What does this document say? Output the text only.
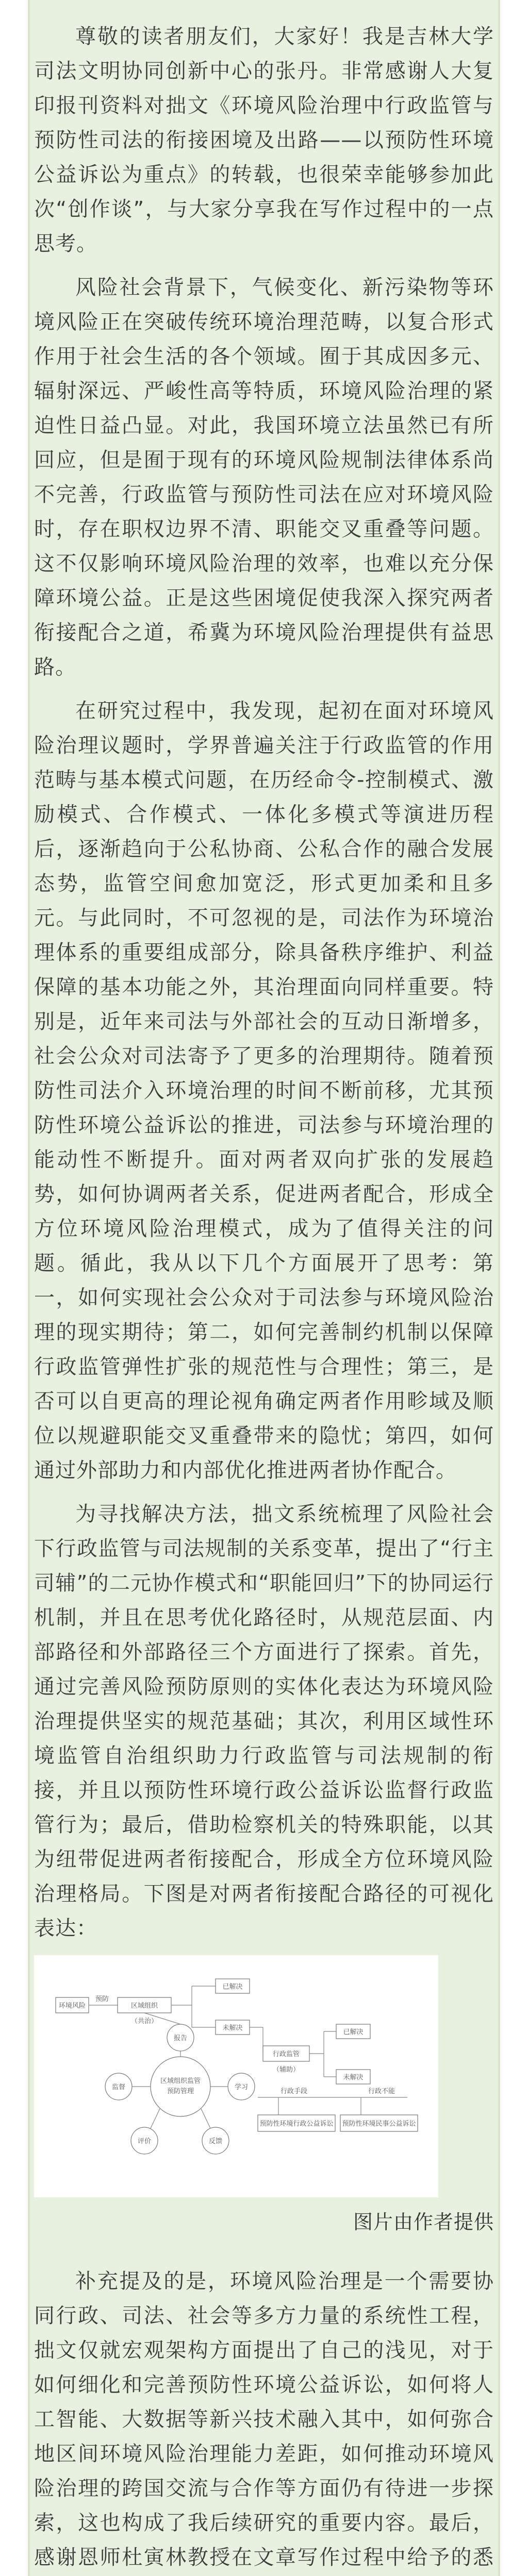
尊敬的读者朋友们，大家好！我是吉林大学司法文明协同创新中心的张丹。非常感谢人大复印报刊资料对拙文《环境风险治理中行政监管与预防性司法的衔接困境及出路——以预防性环境公益诉讼为重点》的转载，也很荣幸能够参加此次“创作谈”，与大家分享我在写作过程中的一点思考。

风险社会背景下，气候变化、新污染物等环境风险正在突破传统环境治理范畴，以复合形式作用于社会生活的各个领域。囿于其成因多元、辐射深远、严峻性高等特质，环境风险治理的紧迫性日益凸显。对此，我国环境立法虽然已有所回应，但是囿于现有的环境风险规制法律体系尚不完善，行政监管与预防性司法在应对环境风险时，存在职权边界不清、职能交叉重叠等问题。这不仅影响环境风险治理的效率，也难以充分保障环境公益。正是这些困境促使我深入探究两者衔接配合之道，希冀为环境风险治理提供有益思路。

在研究过程中，我发现，起初在面对环境风险治理议题时，学界普遍关注于行政监管的作用范畴与基本模式问题，在历经命令-控制模式、激励模式、合作模式、一体化多模式等演进历程后，逐渐趋向于公私协商、公私合作的融合发展态势，监管空间愈加宽泛，形式更加柔和且多元。与此同时，不可忽视的是，司法作为环境治理体系的重要组成部分，除具备秩序维护、利益保障的基本功能之外，其治理面向同样重要。特别是，近年来司法与外部社会的互动日渐增多，社会公众对司法寄予了更多的治理期待。随着预防性司法介入环境治理的时间不断前移，尤其预防性环境公益诉讼的推进，司法参与环境治理的能动性不断提升。面对两者双向扩张的发展趋势，如何协调两者关系，促进两者配合，形成全方位环境风险治理模式，成为了值得关注的问题。循此，我从以下几个方面展开了思考：第一，如何实现社会公众对于司法参与环境风险治理的现实期待；第二，如何完善制约机制以保障行政监管弹性扩张的规范性与合理性；第三，是否可以自更高的理论视角确定两者作用畛域及顺位以规避职能交叉重叠带来的隐忧；第四，如何通过外部助力和内部优化推进两者协作配合。

为寻找解决方法，拙文系统梳理了风险社会下行政监管与司法规制的关系变革，提出了“行主司辅”的二元协作模式和“职能回归”下的协同运行机制，并且在思考优化路径时，从规范层面、内部路径和外部路径三个方面进行了探索。首先，通过完善风险预防原则的实体化表达为环境风险治理提供坚实的规范基础；其次，利用区域性环境监管自治组织助力行政监管与司法规制的衔接，并且以预防性环境行政公益诉讼监督行政监管行为；最后，借助检察机关的特殊职能，以其为纽带促进两者衔接配合，形成全方位环境风险治理格局。下图是对两者衔接配合路径的可视化表达：

环境风险
预防
区域组织
（共治）
区域组织监管
预防管理
报告
监督	学习
评价	反馈
已解决
未解决
行政监管
（辅助）
已解决
未解决
行政手段	行政不能
预防性环境行政公益诉讼 预防性环境民事公益诉讼

图片由作者提供

补充提及的是，环境风险治理是一个需要协同行政、司法、社会等多方力量的系统性工程，拙文仅就宏观架构方面提出了自己的浅见，对于如何细化和完善预防性环境公益诉讼，如何将人工智能、大数据等新兴技术融入其中，如何弥合地区间环境风险治理能力差距，如何推动环境风险治理的跨国交流与合作等方面仍有待进一步探索，这也构成了我后续研究的重要内容。最后，感谢恩师杜寅林教授在文章写作过程中给予的悉
